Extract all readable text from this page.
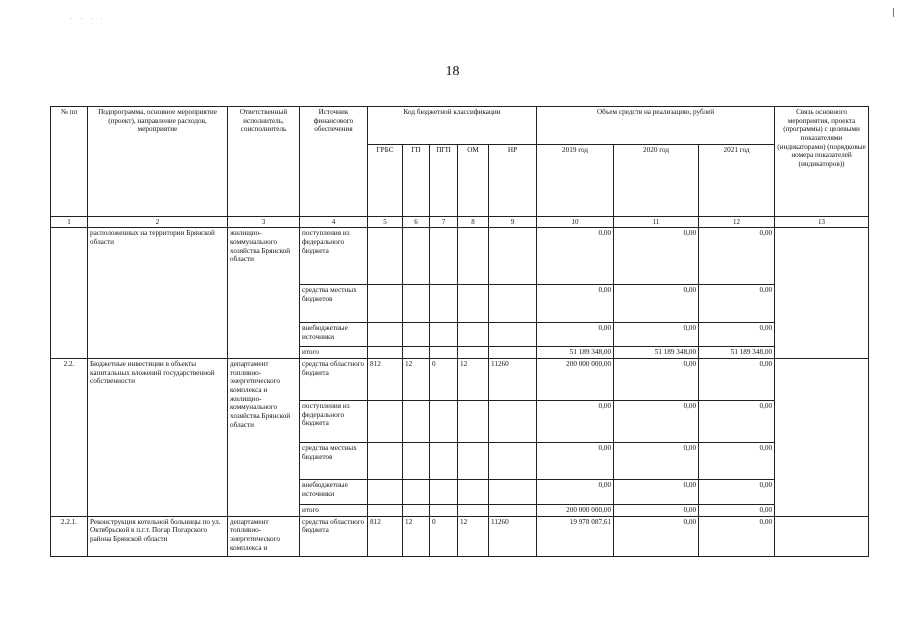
· · · ·
18
№ пп	Подпрограмма, основное мероприятие (проект), направление расходов, мероприятие	Ответственный исполнитель, соисполнитель	Источник финансового обеспечения	Код бюджетной классификации					Объем средств на реализацию, рублей			Связь основного мероприятия, проекта (программы) с целевыми показателями (индикаторами) (порядковые номера показателей (индикаторов))
				ГРБС	ГП	ПГП	ОМ	НР	2019 год	2020 год	2021 год	
1	2	3	4	5	6	7	8	9	10	11	12	13
	расположенных на территории Брянской области	жилищно-коммунального хозяйства Брянской области	поступления из федерального бюджета						0,00	0,00	0,00	
			средства местных бюджетов						0,00	0,00	0,00	
			внебюджетные источники						0,00	0,00	0,00	
			итого						51 189 348,00	51 189 348,00	51 189 348,00	
2.2.	Бюджетные инвестиции в объекты капитальных вложений государственной собственности	департамент топливно-энергетического комплекса и жилищно-коммунального хозяйства Брянской области	средства областного бюджета	812	12	0	12	11260	200 000 000,00	0,00	0,00	
			поступления из федерального бюджета						0,00	0,00	0,00	
			средства местных бюджетов						0,00	0,00	0,00	
			внебюджетные источники						0,00	0,00	0,00	
			итого						200 000 000,00	0,00	0,00	
2.2.1.	Реконструкция котельной больницы по ул. Октябрьской в п.г.т. Погар Погарского района Брянской области	департамент топливно-энергетического комплекса и	средства областного бюджета	812	12	0	12	11260	19 978 087,61	0,00	0,00	
